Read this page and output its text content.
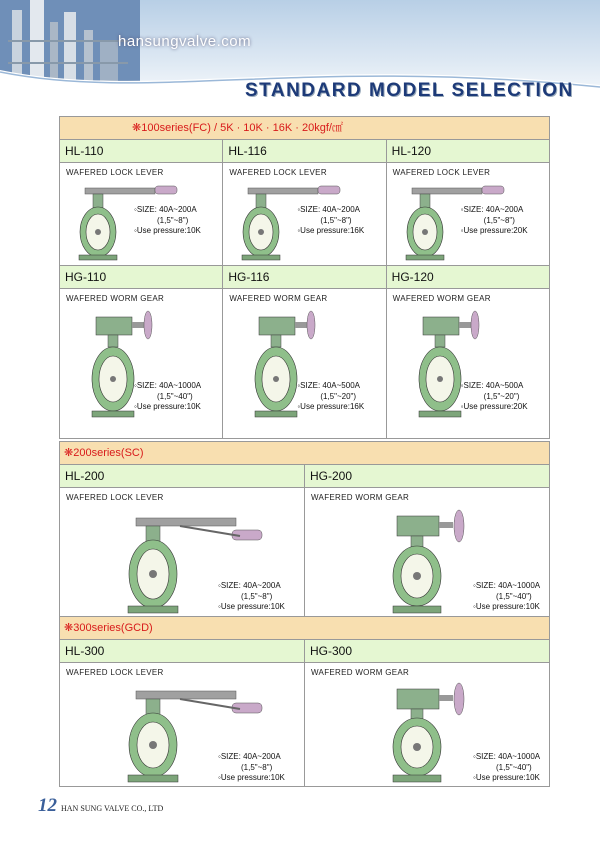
hansungvalve.com
STANDARD MODEL SELECTION
❋100series(FC) / 5K · 10K · 16K · 20kgf/㎠
HL-110
WAFERED LOCK LEVER
◦SIZE: 40A~200A
(1,5"~8")
◦Use pressure:10K
HL-116
WAFERED LOCK LEVER
◦SIZE: 40A~200A
(1,5"~8")
◦Use pressure:16K
HL-120
WAFERED LOCK LEVER
◦SIZE: 40A~200A
(1,5"~8")
◦Use pressure:20K
HG-110
WAFERED WORM GEAR
◦SIZE: 40A~1000A
(1,5"~40")
◦Use pressure:10K
HG-116
WAFERED WORM GEAR
◦SIZE: 40A~500A
(1,5"~20")
◦Use pressure:16K
HG-120
WAFERED WORM GEAR
◦SIZE: 40A~500A
(1,5"~20")
◦Use pressure:20K
❋200series(SC)
HL-200
WAFERED LOCK LEVER
◦SIZE: 40A~200A
(1,5"~8")
◦Use pressure:10K
HG-200
WAFERED WORM GEAR
◦SIZE: 40A~1000A
(1,5"~40")
◦Use pressure:10K
❋300series(GCD)
HL-300
WAFERED LOCK LEVER
◦SIZE: 40A~200A
(1,5"~8")
◦Use pressure:10K
HG-300
WAFERED WORM GEAR
◦SIZE: 40A~1000A
(1,5"~40")
◦Use pressure:10K
12 HAN SUNG VALVE CO., LTD
